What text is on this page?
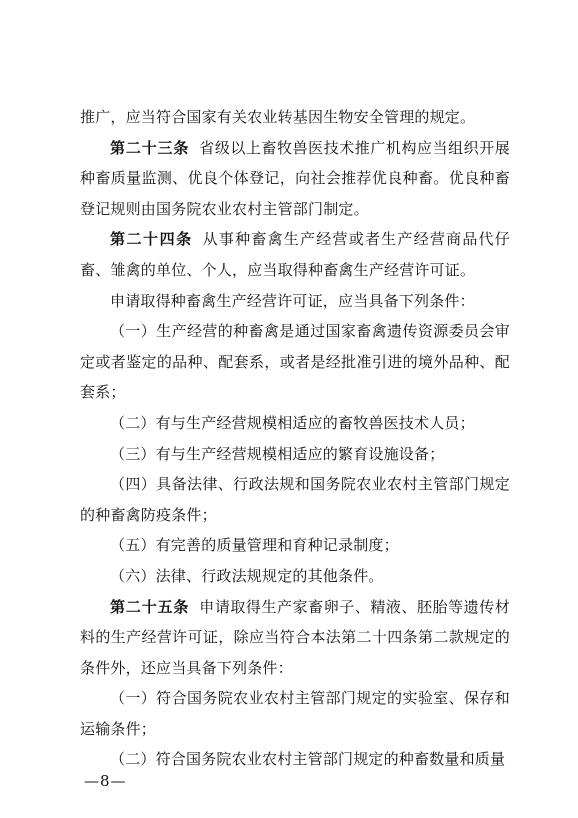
推广，应当符合国家有关农业转基因生物安全管理的规定。

第二十三条 省级以上畜牧兽医技术推广机构应当组织开展种畜质量监测、优良个体登记，向社会推荐优良种畜。优良种畜登记规则由国务院农业农村主管部门制定。

第二十四条 从事种畜禽生产经营或者生产经营商品代仔畜、雏禽的单位、个人，应当取得种畜禽生产经营许可证。

申请取得种畜禽生产经营许可证，应当具备下列条件：

（一）生产经营的种畜禽是通过国家畜禽遗传资源委员会审定或者鉴定的品种、配套系，或者是经批准引进的境外品种、配套系；

（二）有与生产经营规模相适应的畜牧兽医技术人员；

（三）有与生产经营规模相适应的繁育设施设备；

（四）具备法律、行政法规和国务院农业农村主管部门规定的种畜禽防疫条件；

（五）有完善的质量管理和育种记录制度；

（六）法律、行政法规规定的其他条件。

第二十五条 申请取得生产家畜卵子、精液、胚胎等遗传材料的生产经营许可证，除应当符合本法第二十四条第二款规定的条件外，还应当具备下列条件：

（一）符合国务院农业农村主管部门规定的实验室、保存和运输条件；

（二）符合国务院农业农村主管部门规定的种畜数量和质量

—8—
